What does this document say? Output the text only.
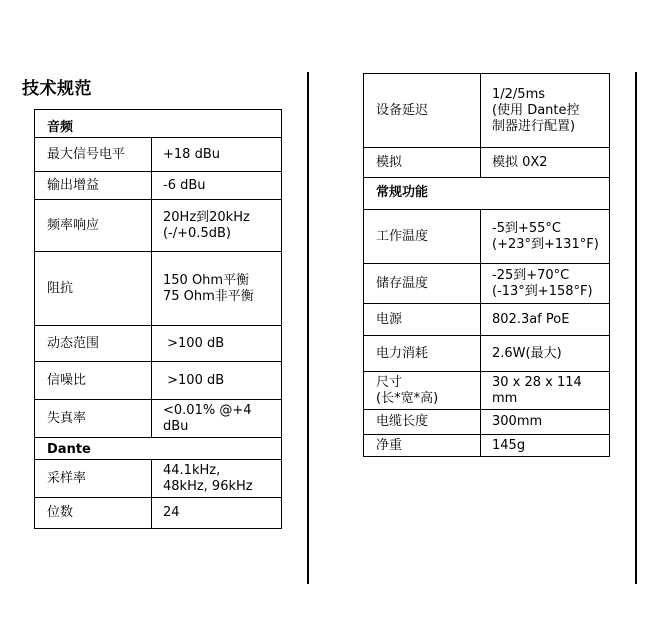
技术规范
音频	
最大信号电平	+18 dBu
输出增益	-6 dBu
频率响应	20Hz到20kHz
(-/+0.5dB)

阻抗	150 Ohm平衡
75 Ohm非平衡

动态范围	>100 dB
信噪比	>100 dB
失真率	<0.01% @+4
dBu

Dante	
采样率	44.1kHz,
48kHz, 96kHz

位数	24
设备延迟	1/2/5ms
(使用 Dante控
制器进行配置)

模拟	模拟 0X2
常规功能	
工作温度	-5到+55°C
(+23°到+131°F)

储存温度	-25到+70°C
(-13°到+158°F)

电源	802.3af PoE
电力消耗	2.6W(最大)

尺寸
(长*宽*高)	30 x 28 x 114
mm

电缆长度	300mm
净重	145g
